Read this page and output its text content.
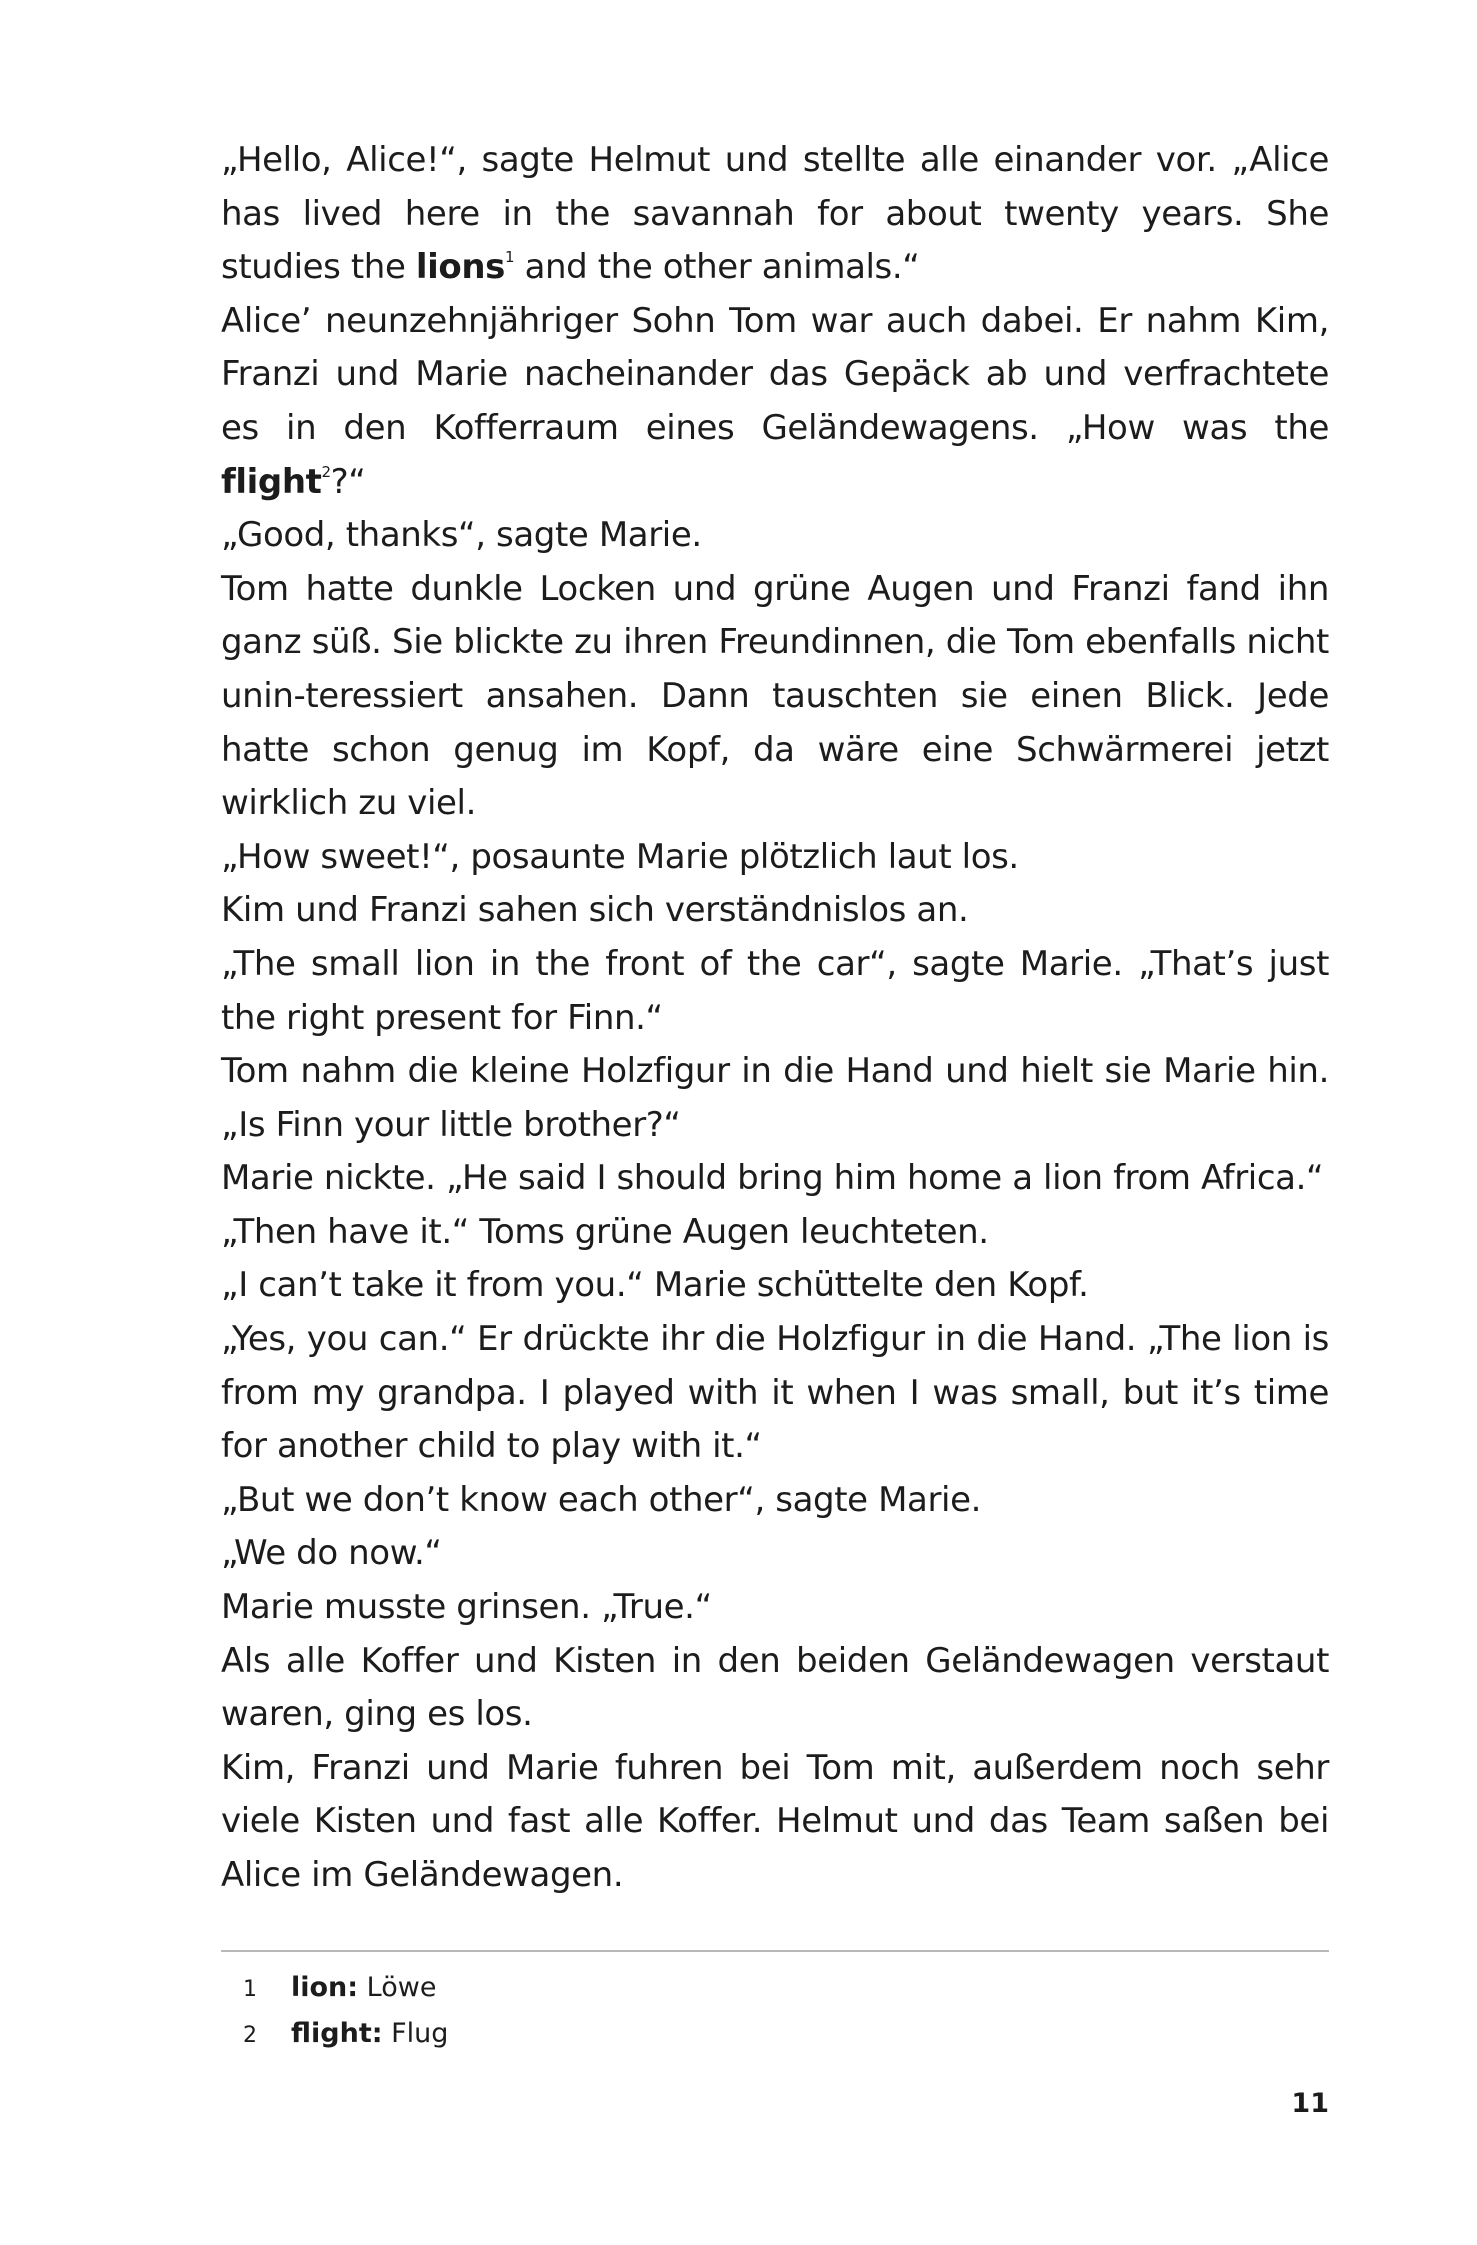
„Hello, Alice!“, sagte Helmut und stellte alle einander vor. „Alice has lived here in the savannah for about twenty years. She studies the lions$^1$ and the other animals.“

Alice’ neunzehnjähriger Sohn Tom war auch dabei. Er nahm Kim, Franzi und Marie nacheinander das Gepäck ab und verfrachtete es in den Kofferraum eines Geländewagens. „How was the flight$^2$?“

„Good, thanks“, sagte Marie.

Tom hatte dunkle Locken und grüne Augen und Franzi fand ihn ganz süß. Sie blickte zu ihren Freundinnen, die Tom ebenfalls nicht unin-teressiert ansahen. Dann tauschten sie einen Blick. Jede hatte schon genug im Kopf, da wäre eine Schwärmerei jetzt wirklich zu viel.

„How sweet!“, posaunte Marie plötzlich laut los.

Kim und Franzi sahen sich verständnislos an.

„The small lion in the front of the car“, sagte Marie. „That’s just the right present for Finn.“

Tom nahm die kleine Holzfigur in die Hand und hielt sie Marie hin. „Is Finn your little brother?“

Marie nickte. „He said I should bring him home a lion from Africa.“

„Then have it.“ Toms grüne Augen leuchteten.

„I can’t take it from you.“ Marie schüttelte den Kopf.

„Yes, you can.“ Er drückte ihr die Holzfigur in die Hand. „The lion is from my grandpa. I played with it when I was small, but it’s time for another child to play with it.“

„But we don’t know each other“, sagte Marie.

„We do now.“

Marie musste grinsen. „True.“

Als alle Koffer und Kisten in den beiden Geländewagen verstaut waren, ging es los.

Kim, Franzi und Marie fuhren bei Tom mit, außerdem noch sehr viele Kisten und fast alle Koffer. Helmut und das Team saßen bei Alice im Geländewagen.

1	lion: Löwe
2	flight: Flug
11
